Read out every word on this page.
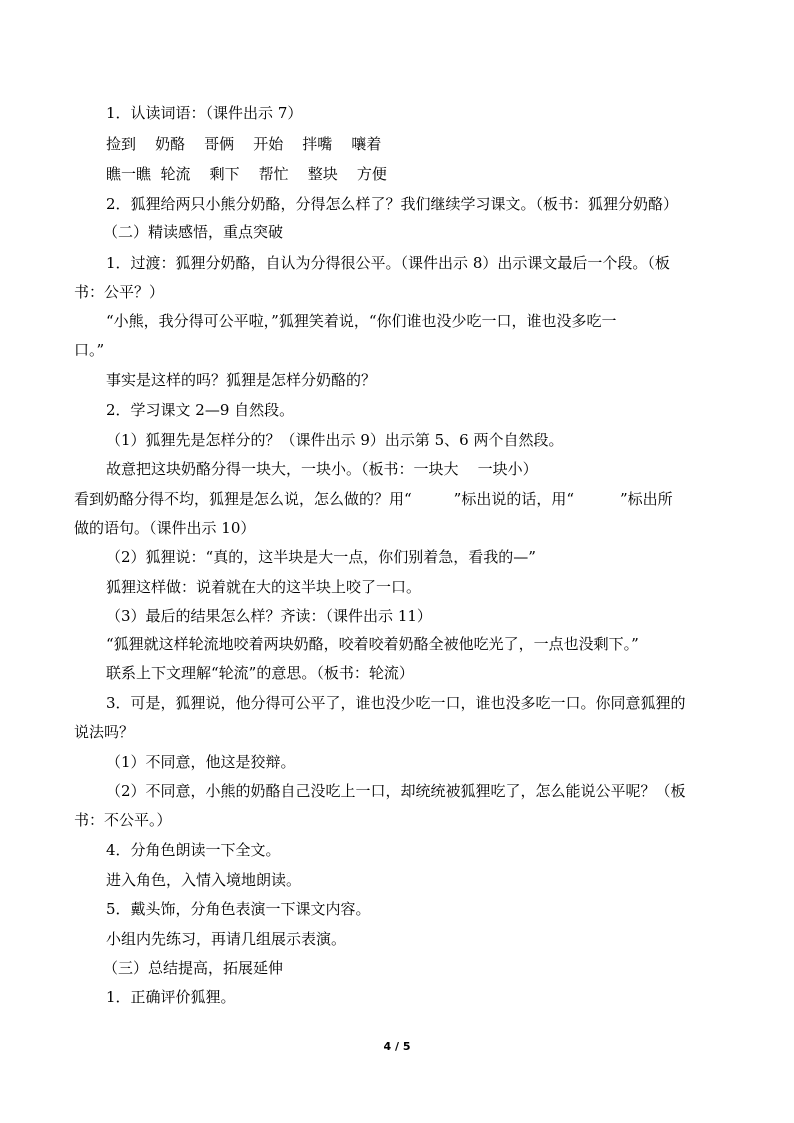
1．认读词语：（课件出示 7）
捡到    奶酪    哥俩    开始    拌嘴    嚷着
瞧一瞧  轮流    剩下    帮忙    整块    方便
2．狐狸给两只小熊分奶酪，分得怎么样了？我们继续学习课文。（板书：狐狸分奶酪）
（二）精读感悟，重点突破
1．过渡：狐狸分奶酪，自认为分得很公平。（课件出示 8）出示课文最后一个段。（板
书：公平？）
“小熊，我分得可公平啦，”狐狸笑着说，“你们谁也没少吃一口，谁也没多吃一
口。”
事实是这样的吗？狐狸是怎样分奶酪的？
2．学习课文 2—9 自然段。
（1）狐狸先是怎样分的？（课件出示 9）出示第 5、6 两个自然段。
故意把这块奶酪分得一块大，一块小。（板书：一块大    一块小）
看到奶酪分得不均，狐狸是怎么说，怎么做的？用“	”标出说的话，用“	”标出所
做的语句。（课件出示 10）
（2）狐狸说：“真的，这半块是大一点，你们别着急，看我的—”
狐狸这样做：说着就在大的这半块上咬了一口。
（3）最后的结果怎么样？齐读：（课件出示 11）
“狐狸就这样轮流地咬着两块奶酪，咬着咬着奶酪全被他吃光了，一点也没剩下。”
联系上下文理解“轮流”的意思。（板书：轮流）
3．可是，狐狸说，他分得可公平了，谁也没少吃一口，谁也没多吃一口。你同意狐狸的
说法吗？
（1）不同意，他这是狡辩。
（2）不同意，小熊的奶酪自己没吃上一口，却统统被狐狸吃了，怎么能说公平呢？（板
书：不公平。）
4．分角色朗读一下全文。
进入角色，入情入境地朗读。
5．戴头饰，分角色表演一下课文内容。
小组内先练习，再请几组展示表演。
（三）总结提高，拓展延伸
1．正确评价狐狸。
4 / 5
